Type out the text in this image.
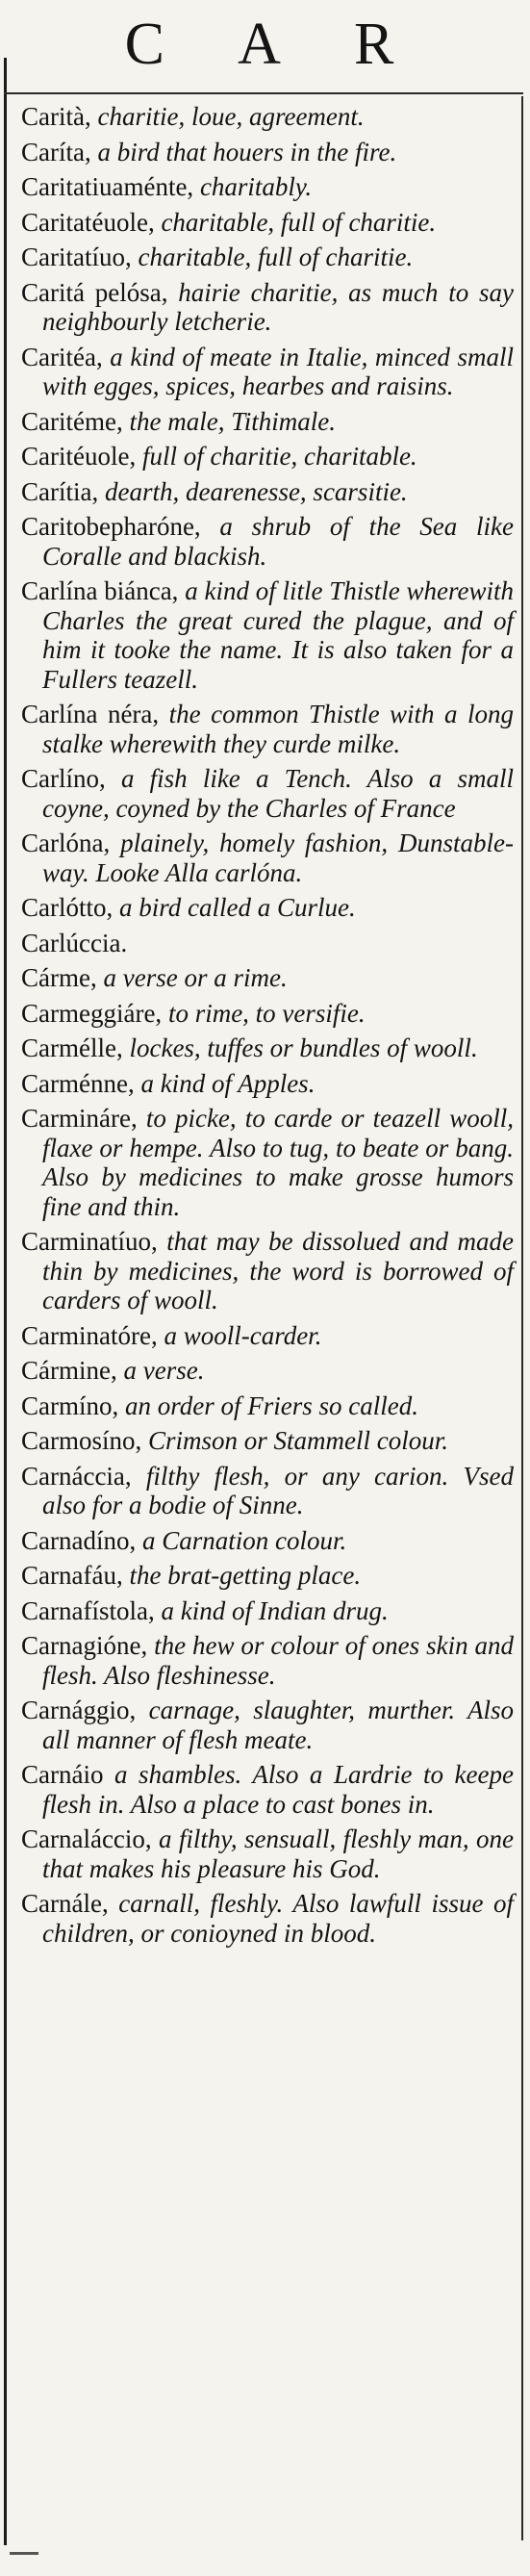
C A R
Carità, charitie, loue, agreement.
Caríta, a bird that houers in the fire.
Caritatiuaménte, charitably.
Caritatéuole, charitable, full of charitie.
Caritatíuo, charitable, full of charitie.
Caritá pelósa, hairie charitie, as much to say neighbourly letcherie.
Caritéa, a kind of meate in Italie, minced small with egges, spices, hearbes and raisins.
Caritéme, the male, Tithimale.
Caritéuole, full of charitie, charitable.
Carítia, dearth, dearenesse, scarsitie.
Caritobepharóne, a shrub of the Sea like Coralle and blackish.
Carlína biánca, a kind of litle Thistle wherewith Charles the great cured the plague, and of him it tooke the name. It is also taken for a Fullers teazell.
Carlína néra, the common Thistle with a long stalke wherewith they curde milke.
Carlíno, a fish like a Tench. Also a small coyne, coyned by the Charles of France
Carlóna, plainely, homely fashion, Dunstable-way. Looke Alla carlóna.
Carlótto, a bird called a Curlue.
Carlúccia.
Cárme, a verse or a rime.
Carmeggiáre, to rime, to versifie.
Carmélle, lockes, tuffes or bundles of wooll.
Carménne, a kind of Apples.
Carmináre, to picke, to carde or teazell wooll, flaxe or hempe. Also to tug, to beate or bang. Also by medicines to make grosse humors fine and thin.
Carminatíuo, that may be dissolued and made thin by medicines, the word is borrowed of carders of wooll.
Carminatóre, a wooll-carder.
Cármine, a verse.
Carmíno, an order of Friers so called.
Carmosíno, Crimson or Stammell colour.
Carnáccia, filthy flesh, or any carion. Vsed also for a bodie of Sinne.
Carnadíno, a Carnation colour.
Carnafáu, the brat-getting place.
Carnafístola, a kind of Indian drug.
Carnagióne, the hew or colour of ones skin and flesh. Also fleshinesse.
Carnággio, carnage, slaughter, murther. Also all manner of flesh meate.
Carnáio a shambles. Also a Lardrie to keepe flesh in. Also a place to cast bones in.
Carnaláccio, a filthy, sensuall, fleshly man, one that makes his pleasure his God.
Carnále, carnall, fleshly. Also lawfull issue of children, or conioyned in blood.
